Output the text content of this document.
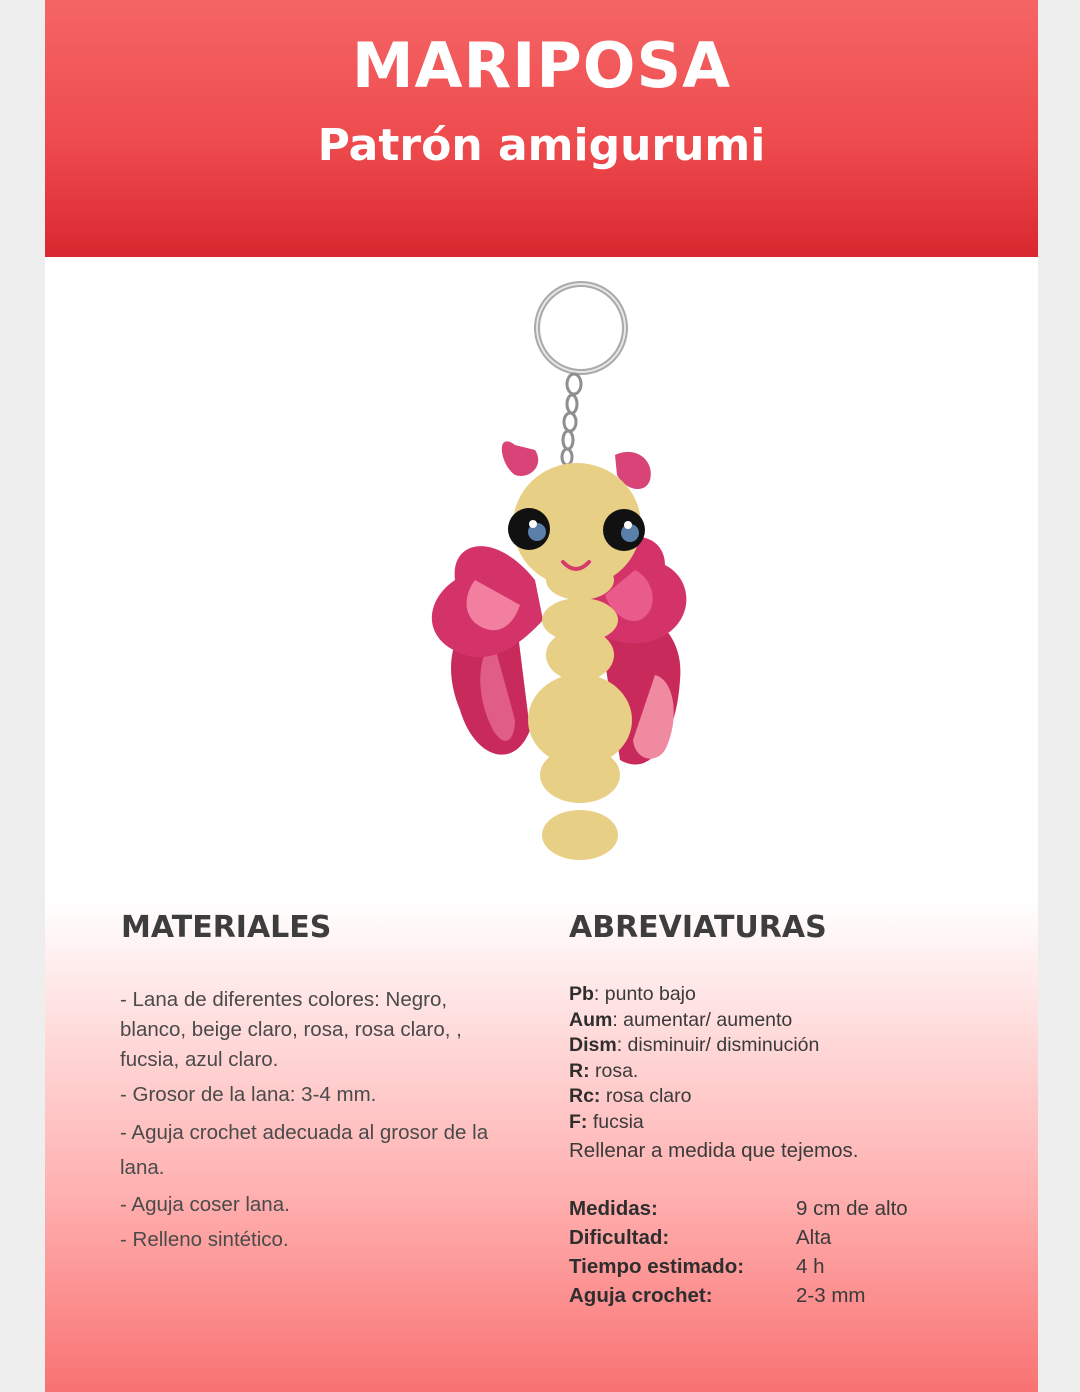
MARIPOSA
Patrón amigurumi
MATERIALES	ABREVIATURAS
- Lana de diferentes colores: Negro, blanco, beige claro, rosa, rosa claro, , fucsia, azul claro.
- Grosor de la lana: 3-4 mm.
- Aguja crochet adecuada al grosor de la lana.
- Aguja coser lana.
- Relleno sintético.
Pb: punto bajo
Aum: aumentar/ aumento
Dism: disminuir/ disminución
R: rosa.
Rc: rosa claro
F: fucsia
Rellenar a medida que tejemos.
Medidas:	9 cm de alto
Dificultad:	Alta
Tiempo estimado:	4 h
Aguja crochet:	2-3 mm
